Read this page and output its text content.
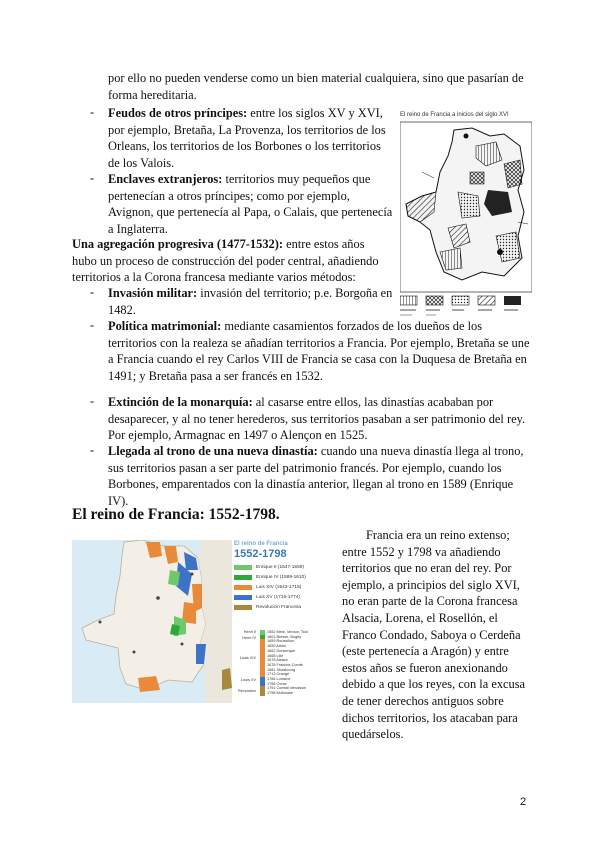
por ello no pueden venderse como un bien material cualquiera, sino que pasarían de forma hereditaria.
- Feudos de otros príncipes: entre los siglos XV y XVI, por ejemplo, Bretaña, La Provenza, los territorios de los Orleans, los territorios de los Borbones o los territorios de los Valois.
- Enclaves extranjeros: territorios muy pequeños que pertenecían a otros príncipes; como por ejemplo, Avignon, que pertenecía al Papa, o Calais, que pertenecía a Inglaterra.
Una agregación progresiva (1477-1532): entre estos años hubo un proceso de construcción del poder central, añadiendo territorios a la Corona francesa mediante varios métodos:
- Invasión militar: invasión del territorio; p.e. Borgoña en 1482.
- Política matrimonial: mediante casamientos forzados de los dueños de los territorios con la realeza se añadían territorios a Francia. Por ejemplo, Bretaña se une a Francia cuando el rey Carlos VIII de Francia se casa con la Duquesa de Bretaña en 1491; y Bretaña pasa a ser francés en 1532.
- Extinción de la monarquía: al casarse entre ellos, las dinastías acababan por desaparecer, y al no tener herederos, sus territorios pasaban a ser patrimonio del rey. Por ejemplo, Armagnac en 1497 o Alençon en 1525.
- Llegada al trono de una nueva dinastía: cuando una nueva dinastía llega al trono, sus territorios pasan a ser parte del patrimonio francés. Por ejemplo, cuando los Borbones, emparentados con la dinastía anterior, llegan al trono en 1589 (Enrique IV).
El reino de Francia: 1552-1798.
Francia era un reino extenso; entre 1552 y 1798 va añadiendo territorios que no eran del rey. Por ejemplo, a principios del siglo XVI, no eran parte de la Corona francesa Alsacia, Lorena, el Rosellón, el Franco Condado, Saboya o Cerdeña (este pertenecía a Aragón) y entre estos años se fueron anexionando debido a que los reyes, con la excusa de tener derechos antiguos sobre dichos territorios, los atacaban para quedárselos.
El reino de Francia a inicios del siglo XVI
El reino de Francia
1552-1798
Enrique II (1547-1559)
Enrique IV (1589-1610)
Luis XIV (1643-1715)
Luis XV (1715-1774)
Revolución Francesa
Henri II
Henri IV
Louis XIV
Louis XV
Révolution
1552 Metz, Verdun, Toul
1601 Bresse, Bugey
1659 Roussillon
1659 Artois
1662 Dunkerque
1668 Lille
1678 Alsace
1678 Franche-Comté
1681 Strasbourg
1713 Orange
1766 Lorraine
1768 Corse
1791 Comtat Venaissin
1798 Mulhouse
2
